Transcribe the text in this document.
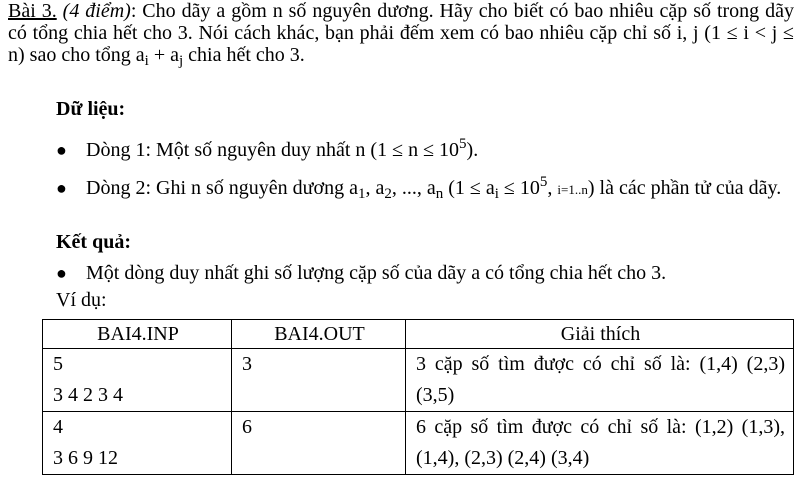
Bài 3. (4 điểm): Cho dãy a gồm n số nguyên dương. Hãy cho biết có bao nhiêu cặp số trong dãy có tổng chia hết cho 3. Nói cách khác, bạn phải đếm xem có bao nhiêu cặp chỉ số i, j (1 ≤ i < j ≤ n) sao cho tổng $a_i + a_j$ chia hết cho 3.
Dữ liệu:
● Dòng 1: Một số nguyên duy nhất n $(1 \le n \le 10^5)$.
● Dòng 2: Ghi n số nguyên dương $a_1$, $a_2$, ..., $a_n$ ($1 \le a_i \le 10^5$, i=1..n) là các phần tử của dãy.
Kết quả:
● Một dòng duy nhất ghi số lượng cặp số của dãy a có tổng chia hết cho 3.
Ví dụ:
BAI4.INP	BAI4.OUT	Giải thích

5
3 4 2 3 4	3	3 cặp số tìm được có chỉ số là: (1,4) (2,3) (3,5)

4
3 6 9 12	6	6 cặp số tìm được có chỉ số là: (1,2) (1,3), (1,4), (2,3) (2,4) (3,4)
